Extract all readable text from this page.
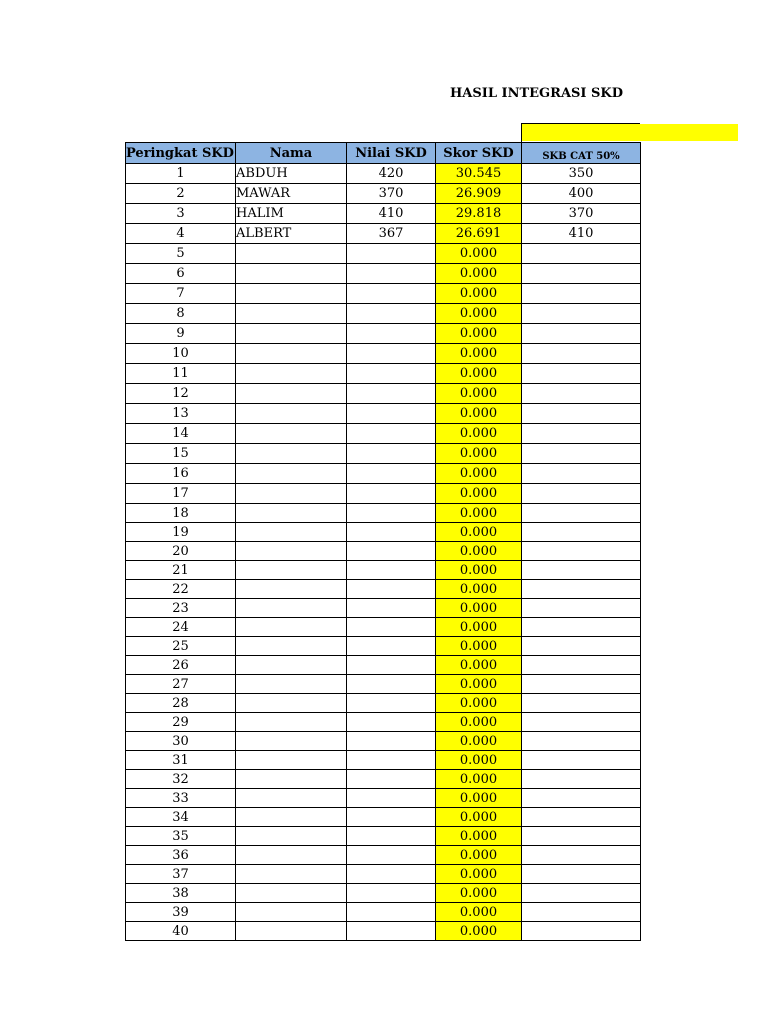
HASIL INTEGRASI SKD
Peringkat SKD	Nama	Nilai SKD	Skor SKD	SKB CAT 50%
1	ABDUH	420	30.545	350
2	MAWAR	370	26.909	400
3	HALIM	410	29.818	370
4	ALBERT	367	26.691	410
5			0.000	
6			0.000	
7			0.000	
8			0.000	
9			0.000	
10			0.000	
11			0.000	
12			0.000	
13			0.000	
14			0.000	
15			0.000	
16			0.000	
17			0.000	
18			0.000	
19			0.000	
20			0.000	
21			0.000	
22			0.000	
23			0.000	
24			0.000	
25			0.000	
26			0.000	
27			0.000	
28			0.000	
29			0.000	
30			0.000	
31			0.000	
32			0.000	
33			0.000	
34			0.000	
35			0.000	
36			0.000	
37			0.000	
38			0.000	
39			0.000	
40			0.000	
